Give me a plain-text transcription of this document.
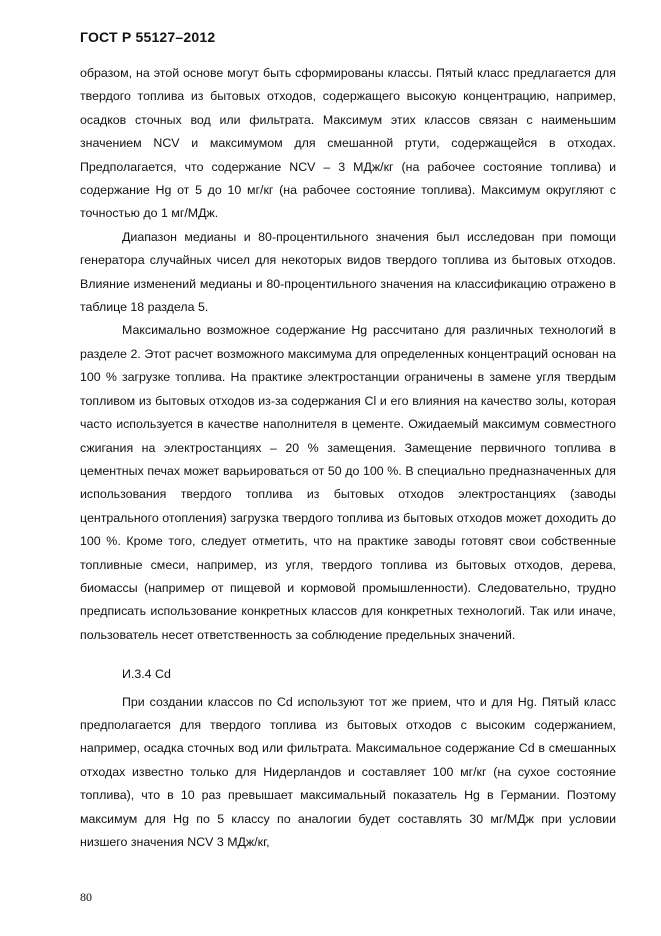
ГОСТ Р 55127–2012

образом, на этой основе могут быть сформированы классы. Пятый класс предлагается для твердого топлива из бытовых отходов, содержащего высокую концентрацию, например, осадков сточных вод или фильтрата. Максимум этих классов связан с наименьшим значением NCV и максимумом для смешанной ртути, содержащейся в отходах. Предполагается, что содержание NCV – 3 МДж/кг (на рабочее состояние топлива) и содержание Hg от 5 до 10 мг/кг (на рабочее состояние топлива). Максимум округляют с точностью до 1 мг/МДж.

Диапазон медианы и 80-процентильного значения был исследован при помощи генератора случайных чисел для некоторых видов твердого топлива из бытовых отходов. Влияние изменений медианы и 80-процентильного значения на классификацию отражено в таблице 18 раздела 5.

Максимально возможное содержание Hg рассчитано для различных технологий в разделе 2. Этот расчет возможного максимума для определенных концентраций основан на 100 % загрузке топлива. На практике электростанции ограничены в замене угля твердым топливом из бытовых отходов из-за содержания Cl и его влияния на качество золы, которая часто используется в качестве наполнителя в цементе. Ожидаемый максимум совместного сжигания на электростанциях – 20 % замещения. Замещение первичного топлива в цементных печах может варьироваться от 50 до 100 %. В специально предназначенных для использования твердого топлива из бытовых отходов электростанциях (заводы центрального отопления) загрузка твердого топлива из бытовых отходов может доходить до 100 %. Кроме того, следует отметить, что на практике заводы готовят свои собственные топливные смеси, например, из угля, твердого топлива из бытовых отходов, дерева, биомассы (например от пищевой и кормовой промышленности). Следовательно, трудно предписать использование конкретных классов для конкретных технологий. Так или иначе, пользователь несет ответственность за соблюдение предельных значений.

И.3.4 Cd

При создании классов по Cd используют тот же прием, что и для Hg. Пятый класс предполагается для твердого топлива из бытовых отходов с высоким содержанием, например, осадка сточных вод или фильтрата. Максимальное содержание Cd в смешанных отходах известно только для Нидерландов и составляет 100 мг/кг (на сухое состояние топлива), что в 10 раз превышает максимальный показатель Hg в Германии. Поэтому максимум для Hg по 5 классу по аналогии будет составлять 30 мг/МДж при условии низшего значения NCV 3 МДж/кг,

80
